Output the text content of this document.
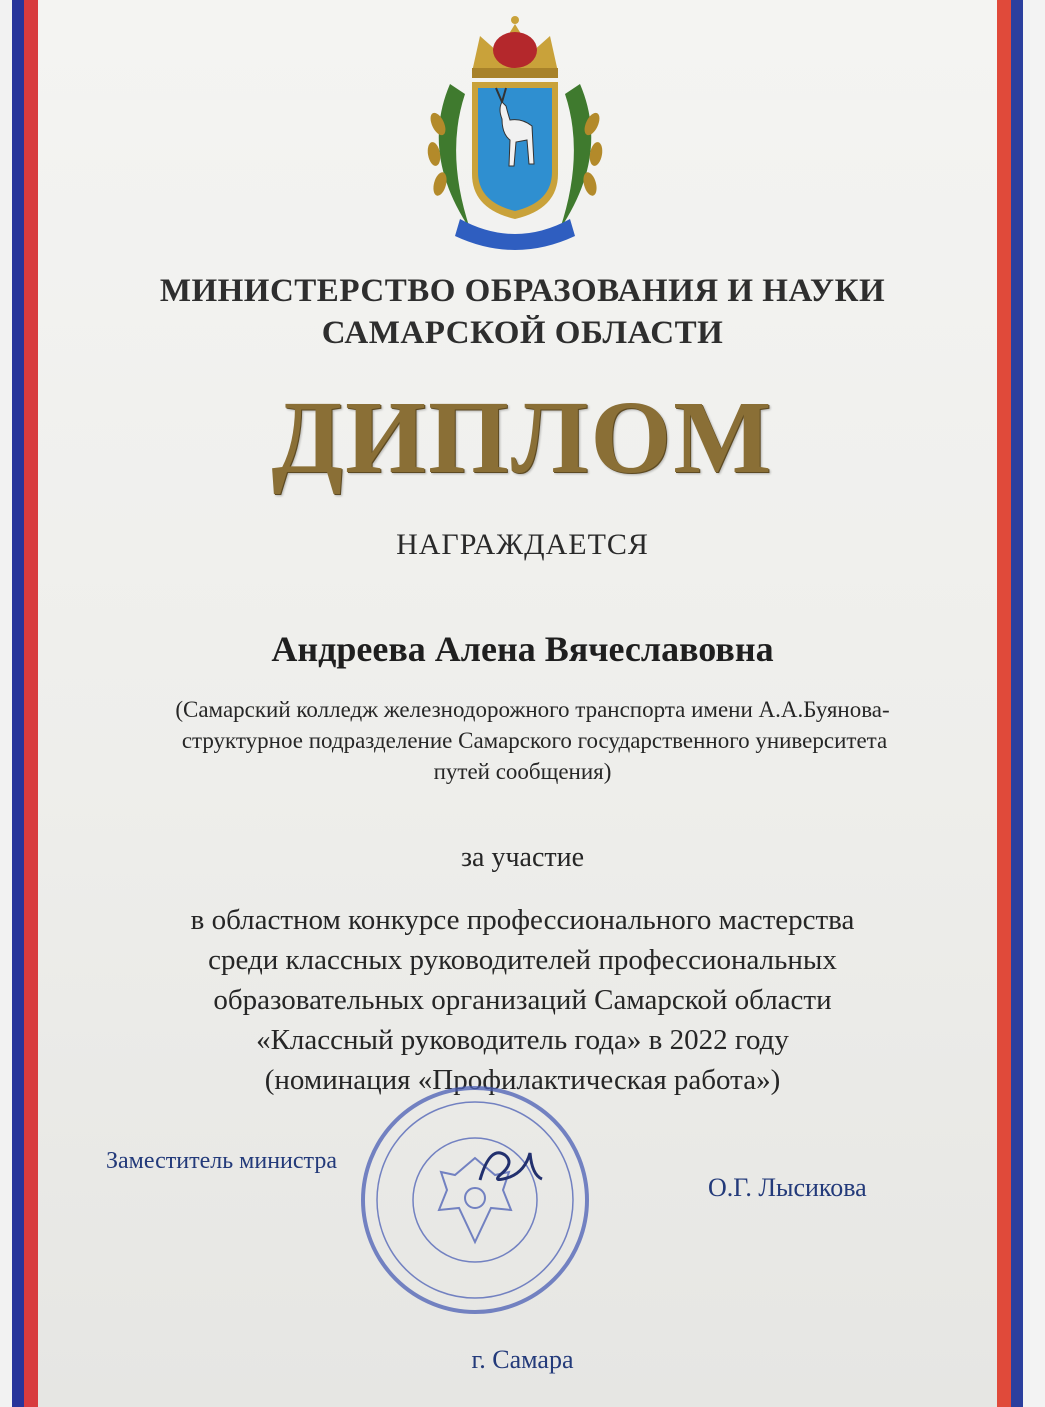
МИНИСТЕРСТВО ОБРАЗОВАНИЯ И НАУКИ
САМАРСКОЙ ОБЛАСТИ
ДИПЛОМ
НАГРАЖДАЕТСЯ
Андреева Алена Вячеславовна
(Самарский колледж железнодорожного транспорта имени А.А.Буянова-
структурное подразделение Самарского государственного университета
путей сообщения)
за участие
в областном конкурсе профессионального мастерства
среди классных руководителей профессиональных
образовательных организаций Самарской области
«Классный руководитель года» в 2022 году
(номинация «Профилактическая работа»)
Заместитель министра
О.Г. Лысикова
г. Самара
